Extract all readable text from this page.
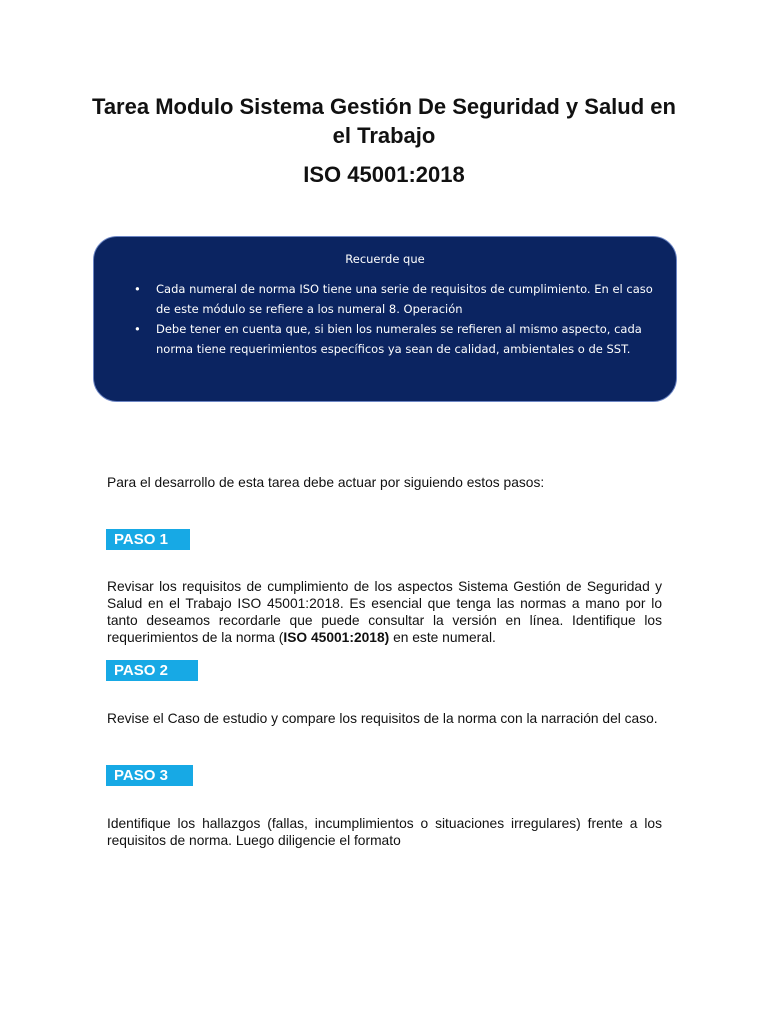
Tarea Modulo Sistema Gestión De Seguridad y Salud en el Trabajo
ISO 45001:2018
Recuerde que
• Cada numeral de norma ISO tiene una serie de requisitos de cumplimiento. En el caso de este módulo se refiere a los numeral 8. Operación
• Debe tener en cuenta que, si bien los numerales se refieren al mismo aspecto, cada norma tiene requerimientos específicos ya sean de calidad, ambientales o de SST.

Para el desarrollo de esta tarea debe actuar por siguiendo estos pasos:

PASO 1

Revisar los requisitos de cumplimiento de los aspectos Sistema Gestión de Seguridad y Salud en el Trabajo ISO 45001:2018. Es esencial que tenga las normas a mano por lo tanto deseamos recordarle que puede consultar la versión en línea. Identifique los requerimientos de la norma (ISO 45001:2018) en este numeral.

PASO 2

Revise el Caso de estudio y compare los requisitos de la norma con la narración del caso.

PASO 3

Identifique los hallazgos (fallas, incumplimientos o situaciones irregulares) frente a los requisitos de norma. Luego diligencie el formato
